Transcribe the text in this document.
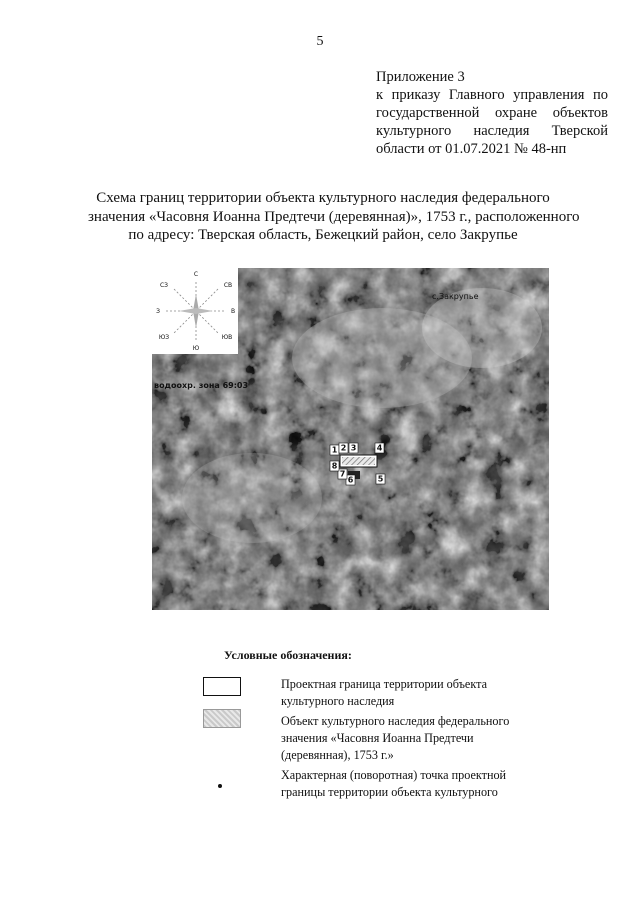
5
Приложение 3
к приказу Главного управления по
государственной охране объектов
культурного наследия Тверской
области от 01.07.2021 № 48-нп
Схема границ территории объекта культурного наследия федерального
значения «Часовня Иоанна Предтечи (деревянная)», 1753 г., расположенного
по адресу: Тверская область, Бежецкий район, село Закрупье
С
СВ
В
ЮВ
Ю
ЮЗ
З
СЗ
с.Закрупье
водоохр. зона 69:03
1 2 3	4
5
6
7
8
Условные обозначения:
Проектная граница территории объекта
культурного наследия
Объект культурного наследия федерального
значения «Часовня Иоанна Предтечи
(деревянная), 1753 г.»
Характерная (поворотная) точка проектной
границы территории объекта культурного
